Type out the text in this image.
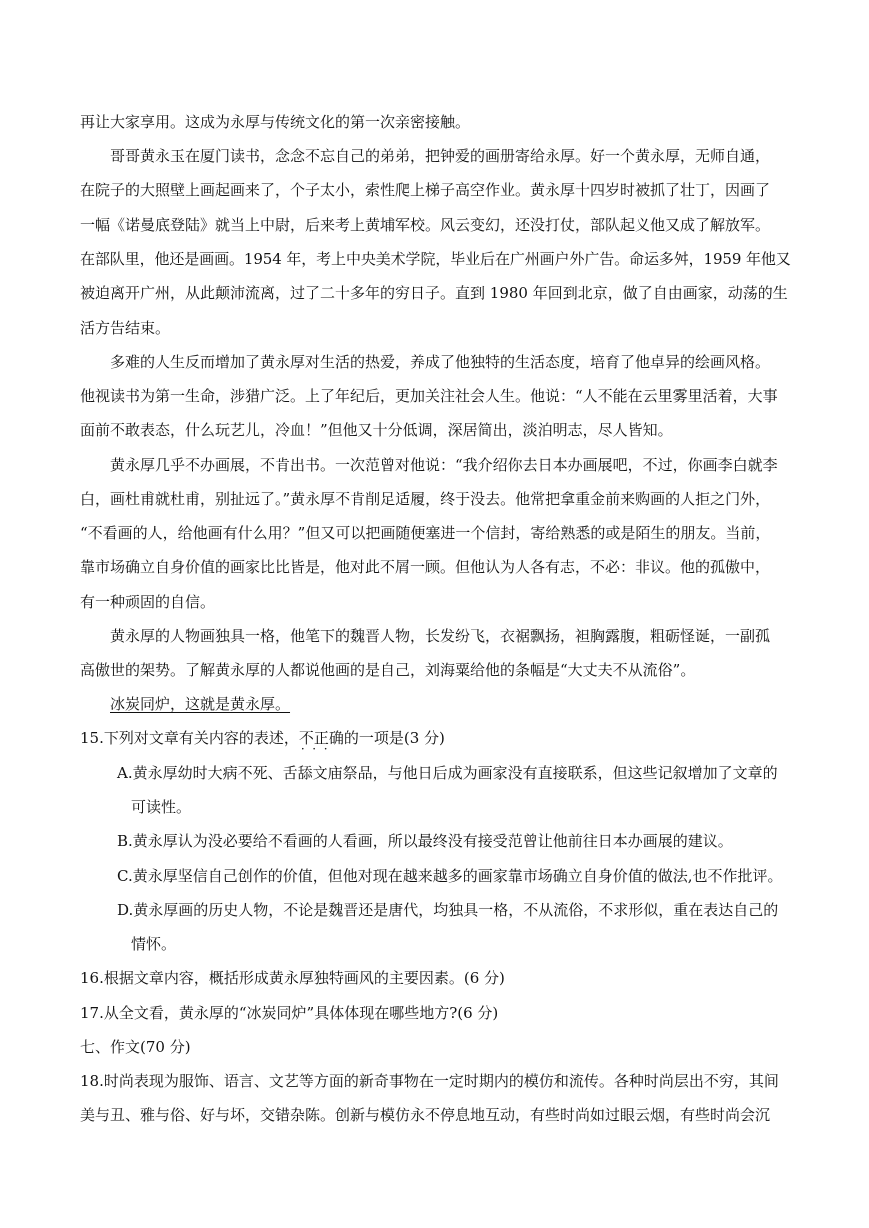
再让大家享用。这成为永厚与传统文化的第一次亲密接触。
哥哥黄永玉在厦门读书，念念不忘自己的弟弟，把钟爱的画册寄给永厚。好一个黄永厚，无师自通，
在院子的大照壁上画起画来了，个子太小，索性爬上梯子高空作业。黄永厚十四岁时被抓了壮丁，因画了
一幅《诺曼底登陆》就当上中尉，后来考上黄埔军校。风云变幻，还没打仗，部队起义他又成了解放军。
在部队里，他还是画画。1954 年，考上中央美术学院，毕业后在广州画户外广告。命运多舛，1959 年他又
被迫离开广州，从此颠沛流离，过了二十多年的穷日子。直到 1980 年回到北京，做了自由画家，动荡的生
活方告结束。
多难的人生反而增加了黄永厚对生活的热爱，养成了他独特的生活态度，培育了他卓异的绘画风格。
他视读书为第一生命，涉猎广泛。上了年纪后，更加关注社会人生。他说：“人不能在云里雾里活着，大事
面前不敢表态，什么玩艺儿，冷血！”但他又十分低调，深居简出，淡泊明志，尽人皆知。
黄永厚几乎不办画展，不肯出书。一次范曾对他说：“我介绍你去日本办画展吧，不过，你画李白就李
白，画杜甫就杜甫，别扯远了。”黄永厚不肯削足适履，终于没去。他常把拿重金前来购画的人拒之门外，
“不看画的人，给他画有什么用？”但又可以把画随便塞进一个信封，寄给熟悉的或是陌生的朋友。当前，
靠市场确立自身价值的画家比比皆是，他对此不屑一顾。但他认为人各有志，不必：非议。他的孤傲中，
有一种顽固的自信。
黄永厚的人物画独具一格，他笔下的魏晋人物，长发纷飞，衣裾飘扬，袒胸露腹，粗砺怪诞，一副孤
高傲世的架势。了解黄永厚的人都说他画的是自己，刘海粟给他的条幅是“大丈夫不从流俗”。
冰炭同炉，这就是黄永厚。
15.下列对文章有关内容的表述，不正确 ·  ·  ·的一项是(3 分)
A.黄永厚幼时大病不死、舌舔文庙祭品，与他日后成为画家没有直接联系，但这些记叙增加了文章的
可读性。
B.黄永厚认为没必要给不看画的人看画，所以最终没有接受范曾让他前往日本办画展的建议。
C.黄永厚坚信自己创作的价值，但他对现在越来越多的画家靠市场确立自身价值的做法,也不作批评。
D.黄永厚画的历史人物，不论是魏晋还是唐代，均独具一格，不从流俗，不求形似，重在表达自己的
情怀。
16.根据文章内容，概括形成黄永厚独特画风的主要因素。(6 分)
17.从全文看，黄永厚的“冰炭同炉”具体体现在哪些地方?(6 分)
七、作文(70 分)
18.时尚表现为服饰、语言、文艺等方面的新奇事物在一定时期内的模仿和流传。各种时尚层出不穷，其间
美与丑、雅与俗、好与坏，交错杂陈。创新与模仿永不停息地互动，有些时尚如过眼云烟，有些时尚会沉
